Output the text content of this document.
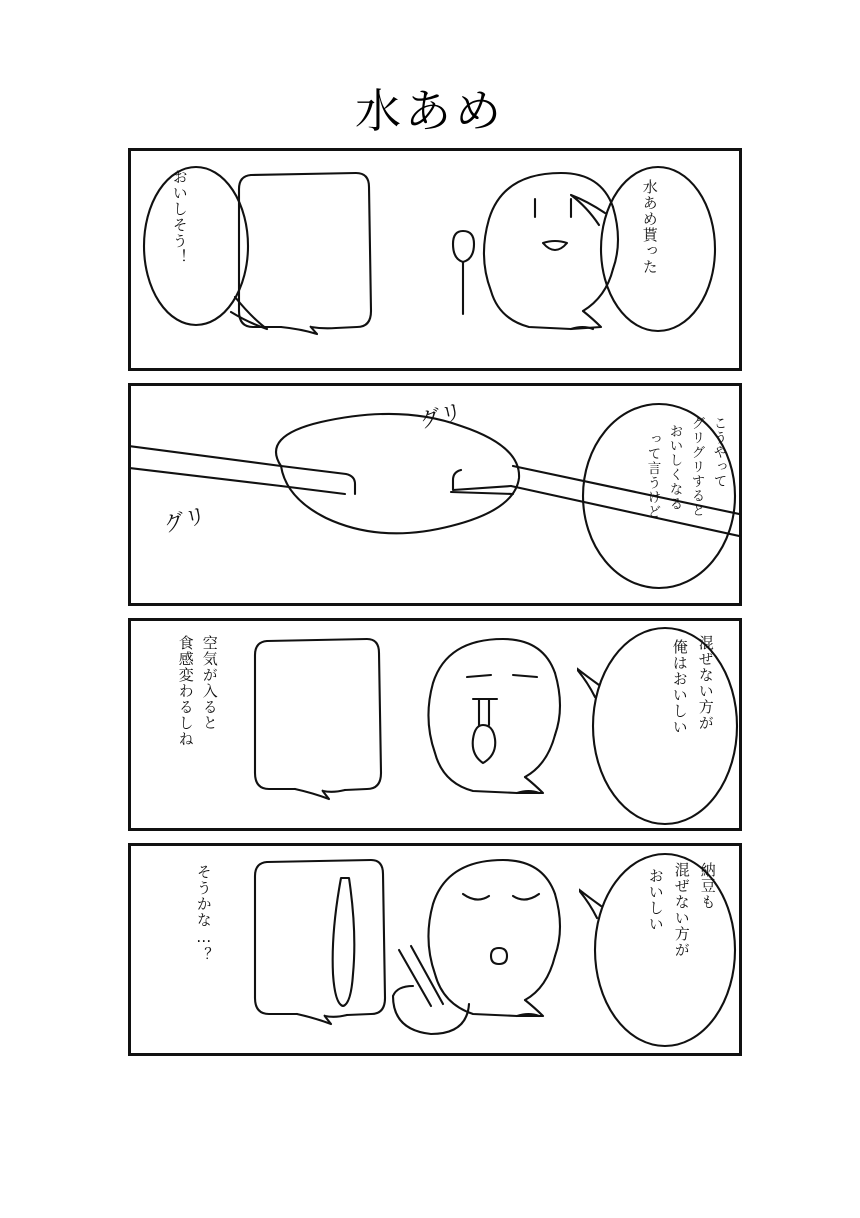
水あめ
おいしそう！	水あめ貰った
グリ
グリ
こうやって
グリグリすると
おいしくなる
って言うけど
空気が入ると
食感変わるしね	混ぜない方が
俺はおいしい
そうかな…？	納豆も
混ぜない方が
おいしい
